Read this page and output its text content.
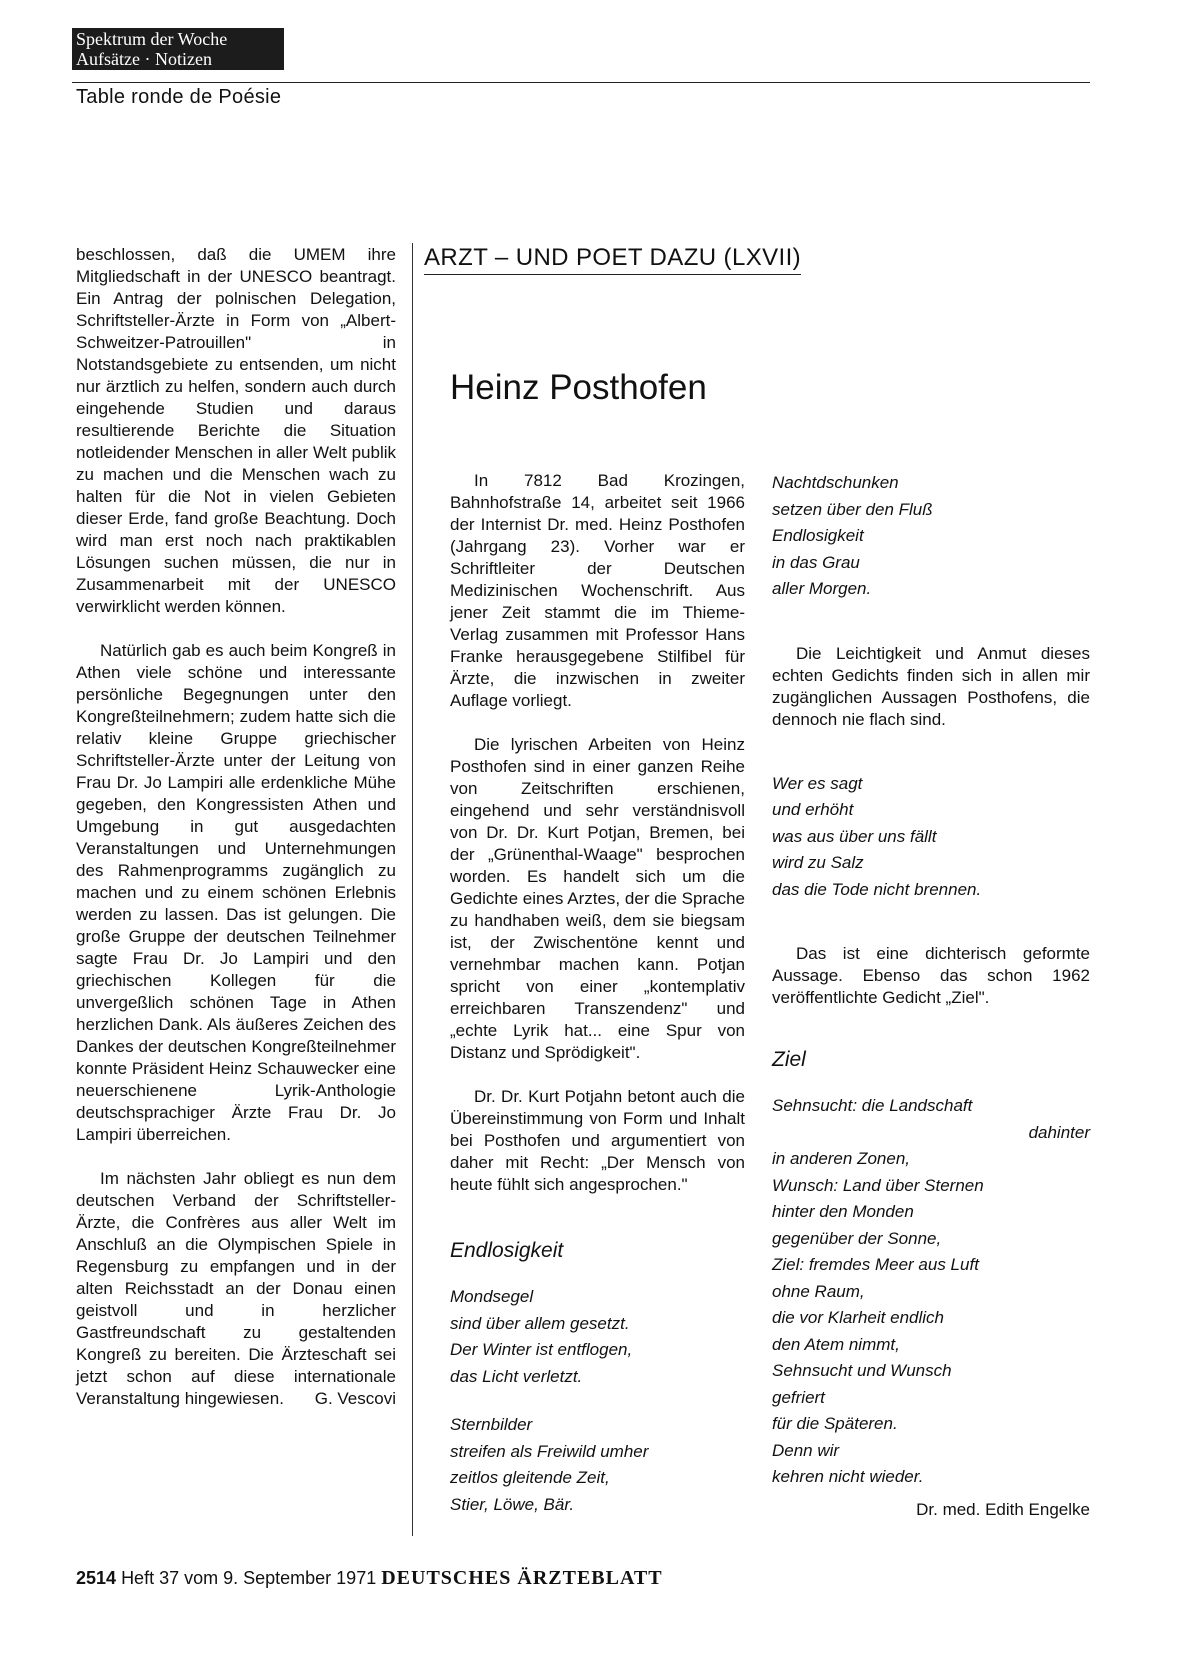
Spektrum der Woche
Aufsätze · Notizen
Table ronde de Poésie

beschlossen, daß die UMEM ihre Mitgliedschaft in der UNESCO beantragt. Ein Antrag der polnischen Delegation, Schriftsteller-Ärzte in Form von „Albert-Schweitzer-Patrouillen" in Notstandsgebiete zu entsenden, um nicht nur ärztlich zu helfen, sondern auch durch eingehende Studien und daraus resultierende Berichte die Situation notleidender Menschen in aller Welt publik zu machen und die Menschen wach zu halten für die Not in vielen Gebieten dieser Erde, fand große Beachtung. Doch wird man erst noch nach praktikablen Lösungen suchen müssen, die nur in Zusammenarbeit mit der UNESCO verwirklicht werden können.

Natürlich gab es auch beim Kongreß in Athen viele schöne und interessante persönliche Begegnungen unter den Kongreßteilnehmern; zudem hatte sich die relativ kleine Gruppe griechischer Schriftsteller-Ärzte unter der Leitung von Frau Dr. Jo Lampiri alle erdenkliche Mühe gegeben, den Kongressisten Athen und Umgebung in gut ausgedachten Veranstaltungen und Unternehmungen des Rahmenprogramms zugänglich zu machen und zu einem schönen Erlebnis werden zu lassen. Das ist gelungen. Die große Gruppe der deutschen Teilnehmer sagte Frau Dr. Jo Lampiri und den griechischen Kollegen für die unvergeßlich schönen Tage in Athen herzlichen Dank. Als äußeres Zeichen des Dankes der deutschen Kongreßteilnehmer konnte Präsident Heinz Schauwecker eine neuerschienene Lyrik-Anthologie deutschsprachiger Ärzte Frau Dr. Jo Lampiri überreichen.

Im nächsten Jahr obliegt es nun dem deutschen Verband der Schriftsteller-Ärzte, die Confrères aus aller Welt im Anschluß an die Olympischen Spiele in Regensburg zu empfangen und in der alten Reichsstadt an der Donau einen geistvoll und in herzlicher Gastfreundschaft zu gestaltenden Kongreß zu bereiten. Die Ärzteschaft sei jetzt schon auf diese internationale Veranstaltung hingewiesen.	G. Vescovi
ARZT – UND POET DAZU (LXVII)
Heinz Posthofen

In 7812 Bad Krozingen, Bahnhofstraße 14, arbeitet seit 1966 der Internist Dr. med. Heinz Posthofen (Jahrgang 23). Vorher war er Schriftleiter der Deutschen Medizinischen Wochenschrift. Aus jener Zeit stammt die im Thieme-Verlag zusammen mit Professor Hans Franke herausgegebene Stilfibel für Ärzte, die inzwischen in zweiter Auflage vorliegt.

Die lyrischen Arbeiten von Heinz Posthofen sind in einer ganzen Reihe von Zeitschriften erschienen, eingehend und sehr verständnisvoll von Dr. Dr. Kurt Potjan, Bremen, bei der „Grünenthal-Waage" besprochen worden. Es handelt sich um die Gedichte eines Arztes, der die Sprache zu handhaben weiß, dem sie biegsam ist, der Zwischentöne kennt und vernehmbar machen kann. Potjan spricht von einer „kontemplativ erreichbaren Transzendenz" und „echte Lyrik hat... eine Spur von Distanz und Sprödigkeit".

Dr. Dr. Kurt Potjahn betont auch die Übereinstimmung von Form und Inhalt bei Posthofen und argumentiert von daher mit Recht: „Der Mensch von heute fühlt sich angesprochen."

Endlosigkeit
Mondsegel
sind über allem gesetzt.
Der Winter ist entflogen,
das Licht verletzt.
Sternbilder
streifen als Freiwild umher
zeitlos gleitende Zeit,
Stier, Löwe, Bär.
Nachtdschunken
setzen über den Fluß
Endlosigkeit
in das Grau
aller Morgen.

Die Leichtigkeit und Anmut dieses echten Gedichts finden sich in allen mir zugänglichen Aussagen Posthofens, die dennoch nie flach sind.

Wer es sagt
und erhöht
was aus über uns fällt
wird zu Salz
das die Tode nicht brennen.

Das ist eine dichterisch geformte Aussage. Ebenso das schon 1962 veröffentlichte Gedicht „Ziel".

Ziel
Sehnsucht: die Landschaft
dahinter
in anderen Zonen,
Wunsch: Land über Sternen
hinter den Monden
gegenüber der Sonne,
Ziel: fremdes Meer aus Luft
ohne Raum,
die vor Klarheit endlich
den Atem nimmt,
Sehnsucht und Wunsch
gefriert
für die Späteren.
Denn wir
kehren nicht wieder.
Dr. med. Edith Engelke
2514 Heft 37 vom 9. September 1971 DEUTSCHES ÄRZTEBLATT
